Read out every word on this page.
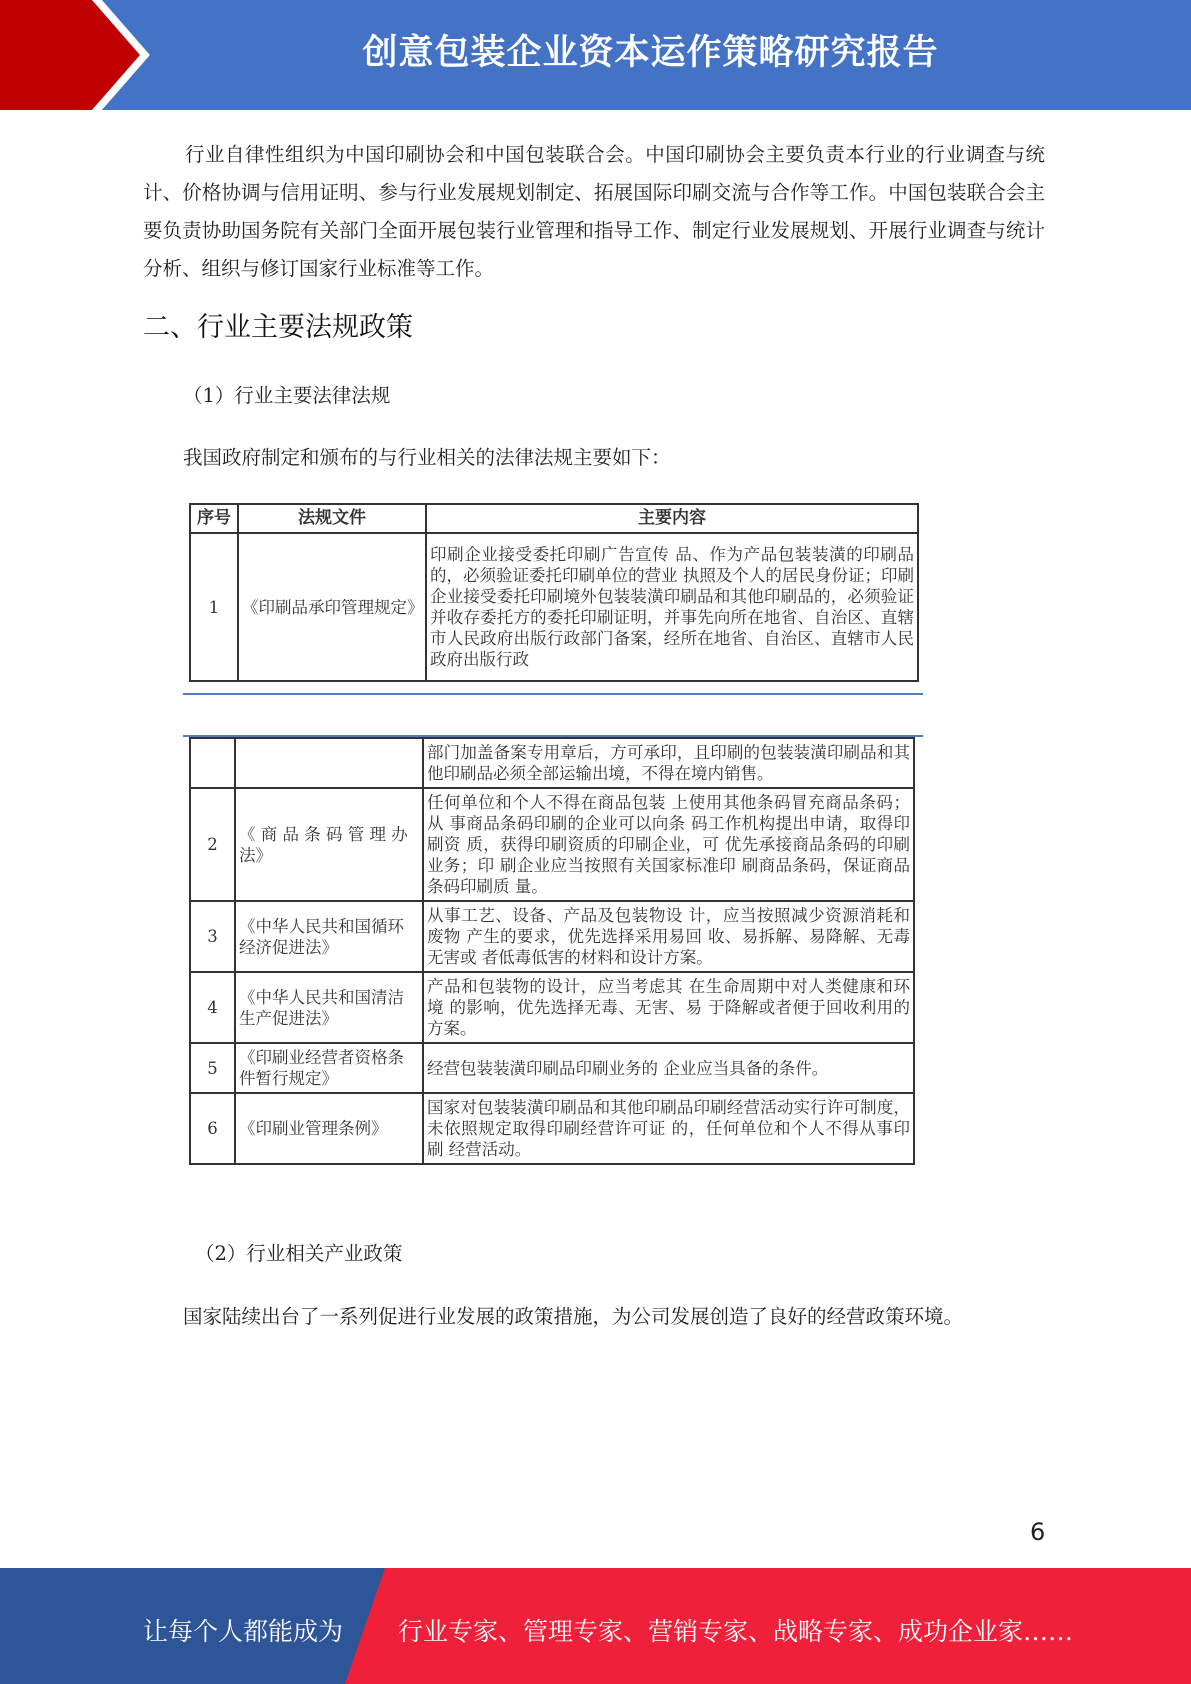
创意包装企业资本运作策略研究报告

行业自律性组织为中国印刷协会和中国包装联合会。中国印刷协会主要负责本行业的行业调查与统计、价格协调与信用证明、参与行业发展规划制定、拓展国际印刷交流与合作等工作。中国包装联合会主要负责协助国务院有关部门全面开展包装行业管理和指导工作、制定行业发展规划、开展行业调查与统计分析、组织与修订国家行业标准等工作。

二、行业主要法规政策

（1）行业主要法律法规

我国政府制定和颁布的与行业相关的法律法规主要如下：

序号	法规文件	主要内容
1	《印刷品承印管理规定》	印刷企业接受委托印刷广告宣传 品、作为产品包装装潢的印刷品 的，必须验证委托印刷单位的营业 执照及个人的居民身份证；印刷企业接受委托印刷境外包装装潢印刷品和其他印刷品的，必须验证并收存委托方的委托印刷证明，并事先向所在地省、自治区、直辖市人民政府出版行政部门备案，经所在地省、自治区、直辖市人民政府出版行政
		部门加盖备案专用章后，方可承印，且印刷的包装装潢印刷品和其他印刷品必须全部运输出境，不得在境内销售。
2	《 商 品 条 码 管 理 办 法》	任何单位和个人不得在商品包装 上使用其他条码冒充商品条码；从 事商品条码印刷的企业可以向条 码工作机构提出申请，取得印刷资 质，获得印刷资质的印刷企业，可 优先承接商品条码的印刷业务；印 刷企业应当按照有关国家标准印 刷商品条码，保证商品条码印刷质 量。
3	《中华人民共和国循环经济促进法》	从事工艺、设备、产品及包装物设 计，应当按照减少资源消耗和废物 产生的要求，优先选择采用易回 收、易拆解、易降解、无毒无害或 者低毒低害的材料和设计方案。
4	《中华人民共和国清洁生产促进法》	产品和包装物的设计，应当考虑其 在生命周期中对人类健康和环境 的影响，优先选择无毒、无害、易 于降解或者便于回收利用的方案。
5	《印刷业经营者资格条件暂行规定》	经营包装装潢印刷品印刷业务的 企业应当具备的条件。
6	《印刷业管理条例》	国家对包装装潢印刷品和其他印刷品印刷经营活动实行许可制度， 未依照规定取得印刷经营许可证 的，任何单位和个人不得从事印刷 经营活动。

（2）行业相关产业政策

国家陆续出台了一系列促进行业发展的政策措施，为公司发展创造了良好的经营政策环境。

6
让每个人都能成为 行业专家、管理专家、营销专家、战略专家、成功企业家……
